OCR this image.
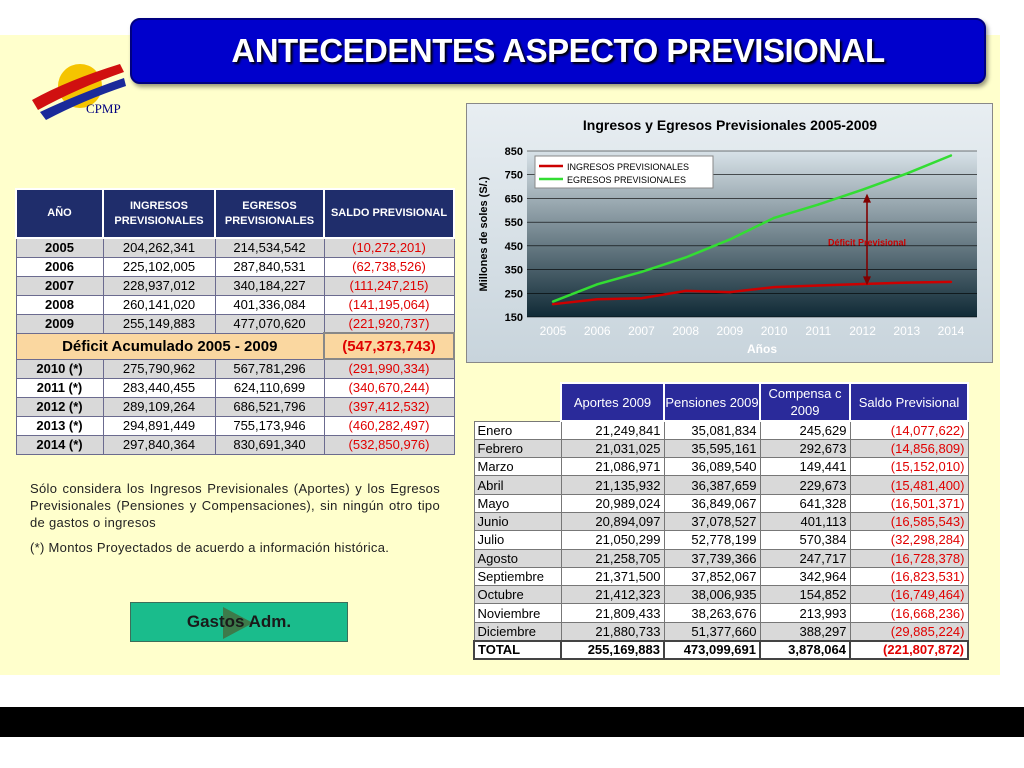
ANTECEDENTES ASPECTO PREVISIONAL
CPMP
AÑO	INGRESOS PREVISIONALES	EGRESOS PREVISIONALES	SALDO PREVISIONAL
2005	204,262,341	214,534,542	(10,272,201)
2006	225,102,005	287,840,531	(62,738,526)
2007	228,937,012	340,184,227	(111,247,215)
2008	260,141,020	401,336,084	(141,195,064)
2009	255,149,883	477,070,620	(221,920,737)
Déficit Acumulado 2005 - 2009			(547,373,743)
2010 (*)	275,790,962	567,781,296	(291,990,334)
2011 (*)	283,440,455	624,110,699	(340,670,244)
2012 (*)	289,109,264	686,521,796	(397,412,532)
2013 (*)	294,891,449	755,173,946	(460,282,497)
2014 (*)	297,840,364	830,691,340	(532,850,976)
Sólo considera los Ingresos Previsionales (Aportes) y los Egresos Previsionales (Pensiones y Compensaciones), sin ningún otro tipo de gastos o ingresos
(*) Montos Proyectados de acuerdo a información histórica.
Gastos Adm.
Ingresos y Egresos Previsionales 2005-2009
150
250
350
450
550
650
750
850
2005 2006 2007 2008 2009 2010 2011 2012 2013 2014
Años
Millones de soles (S/.)
INGRESOS PREVISIONALES
EGRESOS PREVISIONALES
Déficit Previsional
	Aportes 2009	Pensiones 2009	Compensa c 2009	Saldo Previsional
Enero	21,249,841	35,081,834	245,629	(14,077,622)
Febrero	21,031,025	35,595,161	292,673	(14,856,809)
Marzo	21,086,971	36,089,540	149,441	(15,152,010)
Abril	21,135,932	36,387,659	229,673	(15,481,400)
Mayo	20,989,024	36,849,067	641,328	(16,501,371)
Junio	20,894,097	37,078,527	401,113	(16,585,543)
Julio	21,050,299	52,778,199	570,384	(32,298,284)
Agosto	21,258,705	37,739,366	247,717	(16,728,378)
Septiembre	21,371,500	37,852,067	342,964	(16,823,531)
Octubre	21,412,323	38,006,935	154,852	(16,749,464)
Noviembre	21,809,433	38,263,676	213,993	(16,668,236)
Diciembre	21,880,733	51,377,660	388,297	(29,885,224)
TOTAL	255,169,883	473,099,691	3,878,064	(221,807,872)
